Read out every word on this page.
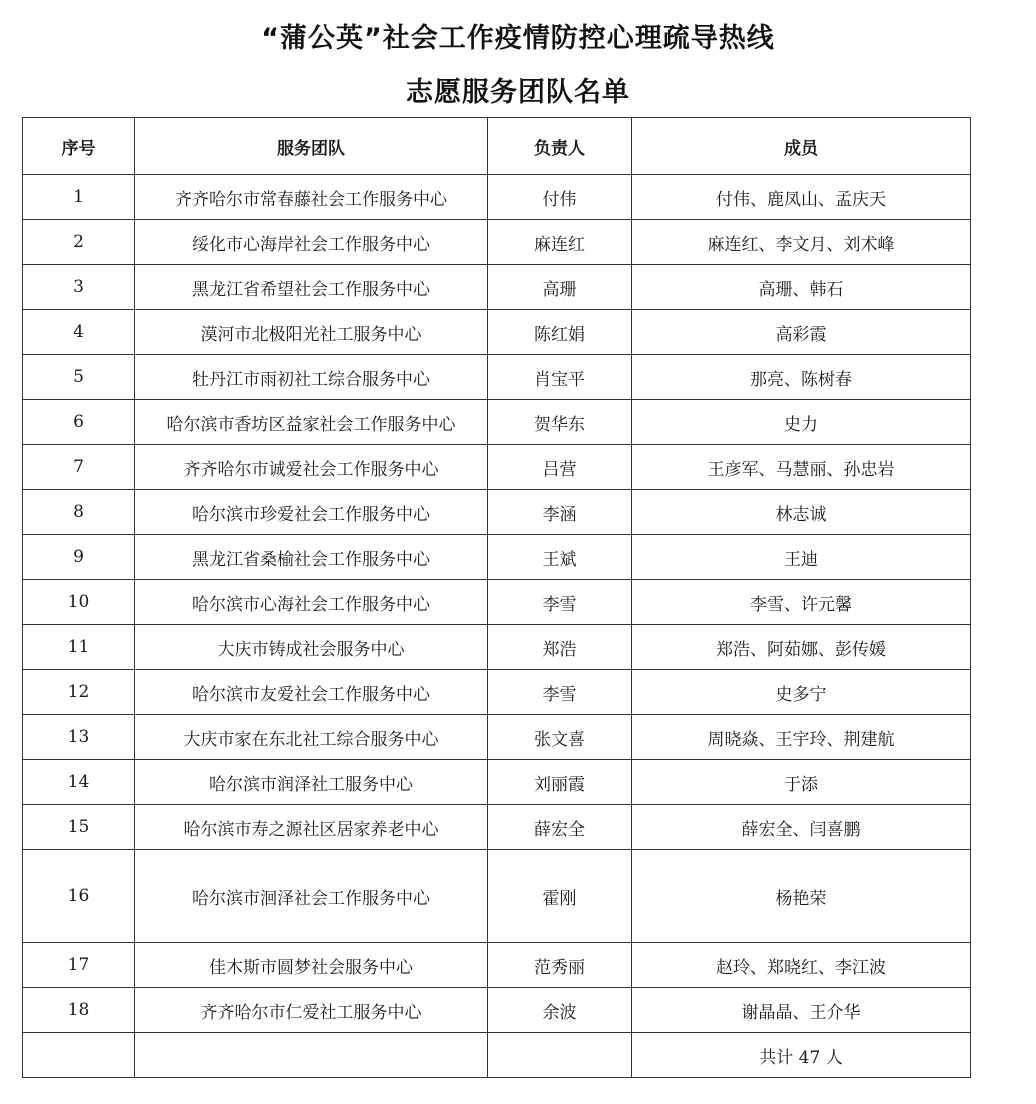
“蒲公英”社会工作疫情防控心理疏导热线
志愿服务团队名单
序号	服务团队	负责人	成员
1	齐齐哈尔市常春藤社会工作服务中心	付伟	付伟、鹿凤山、孟庆天
2	绥化市心海岸社会工作服务中心	麻连红	麻连红、李文月、刘术峰
3	黑龙江省希望社会工作服务中心	高珊	高珊、韩石
4	漠河市北极阳光社工服务中心	陈红娟	高彩霞
5	牡丹江市雨初社工综合服务中心	肖宝平	那亮、陈树春
6	哈尔滨市香坊区益家社会工作服务中心	贺华东	史力
7	齐齐哈尔市诚爱社会工作服务中心	吕营	王彦军、马慧丽、孙忠岩
8	哈尔滨市珍爱社会工作服务中心	李涵	林志诚
9	黑龙江省桑榆社会工作服务中心	王斌	王迪
10	哈尔滨市心海社会工作服务中心	李雪	李雪、许元馨
11	大庆市铸成社会服务中心	郑浩	郑浩、阿茹娜、彭传媛
12	哈尔滨市友爱社会工作服务中心	李雪	史多宁
13	大庆市家在东北社工综合服务中心	张文喜	周晓焱、王宇玲、荆建航
14	哈尔滨市润泽社工服务中心	刘丽霞	于添
15	哈尔滨市寿之源社区居家养老中心	薛宏全	薛宏全、闫喜鹏
16	哈尔滨市洄泽社会工作服务中心	霍刚	杨艳荣
17	佳木斯市圆梦社会服务中心	范秀丽	赵玲、郑晓红、李江波
18	齐齐哈尔市仁爱社工服务中心	余波	谢晶晶、王介华
			共计 47 人
